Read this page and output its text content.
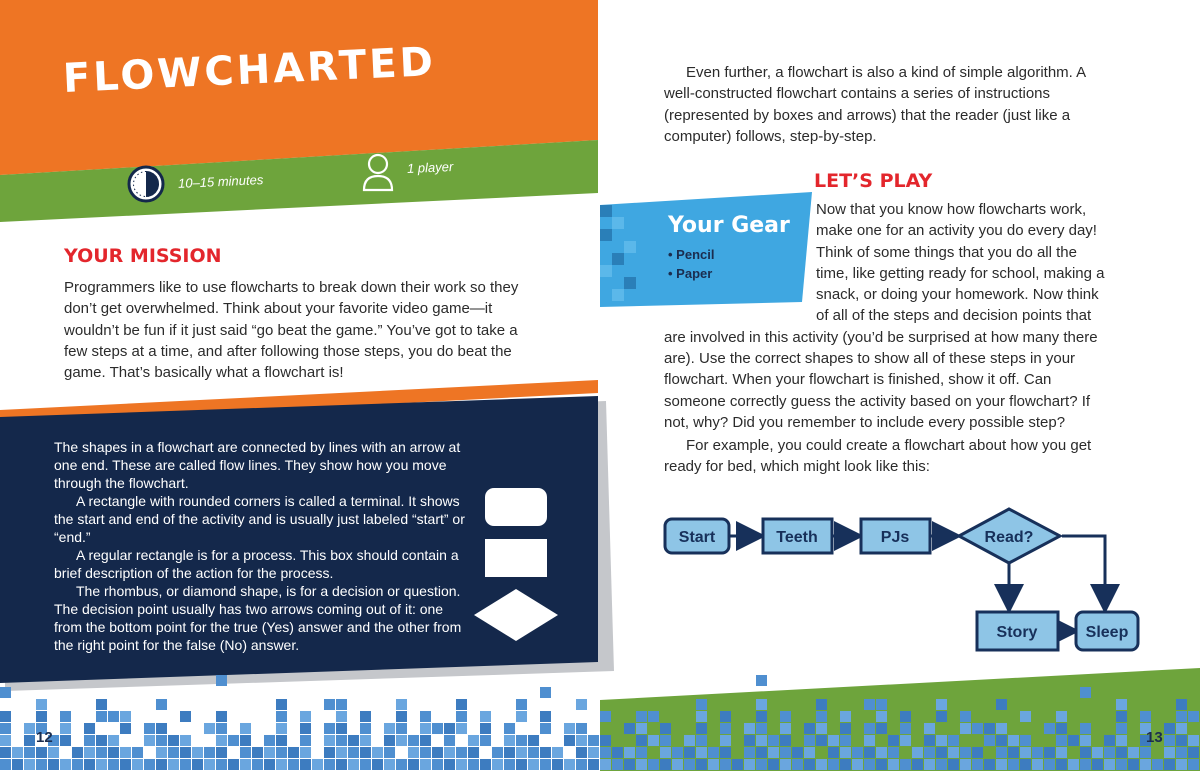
FLOWCHARTED
10–15 minutes
1 player
YOUR MISSION
Programmers like to use flowcharts to break down their work so they don’t get overwhelmed. Think about your favorite video game—it wouldn’t be fun if it just said “go beat the game.” You’ve got to take a few steps at a time, and after following those steps, you do beat the game. That’s basically what a flowchart is!

The shapes in a flowchart are connected by lines with an arrow at one end. These are called flow lines. They show how you move through the flowchart.

A rectangle with rounded corners is called a terminal. It shows the start and end of the activity and is usually just labeled “start” or “end.”

A regular rectangle is for a process. This box should contain a brief description of the action for the process.

The rhombus, or diamond shape, is for a decision or question. The decision point usually has two arrows coming out of it: one from the bottom point for the true (Yes) answer and the other from the right point for the false (No) answer.

12
Even further, a flowchart is also a kind of simple algorithm. A well-constructed flowchart contains a series of instructions (represented by boxes and arrows) that the reader (just like a computer) follows, step-by-step.
Your Gear
• Pencil
• Paper
LET’S PLAY
Now that you know how flowcharts work, make one for an activity you do every day! Think of some things that you do all the time, like getting ready for school, making a snack, or doing your homework. Now think of all of the steps and decision points that are involved in this activity (you’d be surprised at how many there are). Use the correct shapes to show all of these steps in your flowchart. When your flowchart is finished, show it off. Can someone correctly guess the activity based on your flowchart? If not, why? Did you remember to include every possible step?
For example, you could create a flowchart about how you get ready for bed, which might look like this:
Start	Teeth	PJs	Read?
Story	Sleep
13
